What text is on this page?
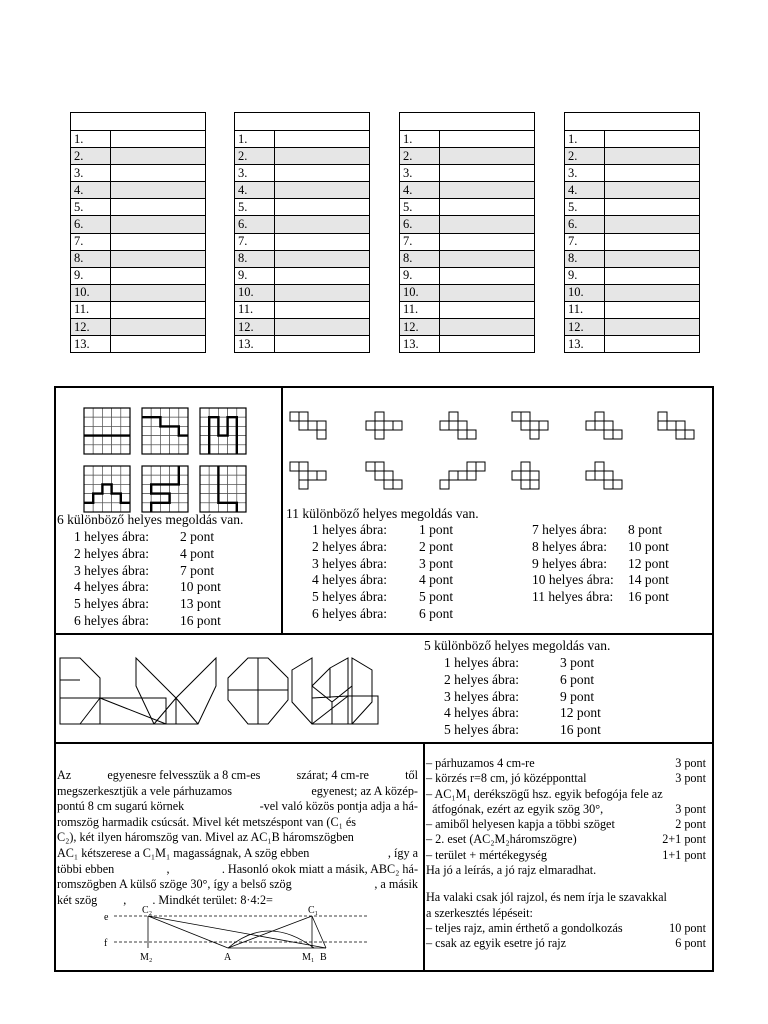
1.	
2.	
3.	
4.	
5.	
6.	
7.	
8.	
9.	
10.	
11.	
12.	
13.	

1.	
2.	
3.	
4.	
5.	
6.	
7.	
8.	
9.	
10.	
11.	
12.	
13.	

1.	
2.	
3.	
4.	
5.	
6.	
7.	
8.	
9.	
10.	
11.	
12.	
13.	

1.	
2.	
3.	
4.	
5.	
6.	
7.	
8.	
9.	
10.	
11.	
12.	
13.	
6 különböző helyes megoldás van.
1 helyes ábra:	2 pont
2 helyes ábra:	4 pont
3 helyes ábra:	7 pont
4 helyes ábra:	10 pont
5 helyes ábra:	13 pont
6 helyes ábra:	16 pont
11 különböző helyes megoldás van.
1 helyes ábra:	1 pont
2 helyes ábra:	2 pont
3 helyes ábra:	3 pont
4 helyes ábra:	4 pont
5 helyes ábra:	5 pont
6 helyes ábra:	6 pont
7 helyes ábra:	8 pont
8 helyes ábra:	10 pont
9 helyes ábra:	12 pont
10 helyes ábra:	14 pont
11 helyes ábra:	16 pont
5 különböző helyes megoldás van.
1 helyes ábra:	3 pont
2 helyes ábra:	6 pont
3 helyes ábra:	9 pont
4 helyes ábra:	12 pont
5 helyes ábra:	16 pont
Az	egyenesre felvesszük a 8 cm-es	szárat; 4 cm-re	től
megszerkesztjük a vele párhuzamos	egyenest; az A közép-
pontú 8 cm sugarú körnek	-vel való közös pontja adja a há-
romszög harmadik csúcsát. Mivel két metszéspont van (C₁ és
C₂), két ilyen háromszög van. Mivel az AC₁B háromszögben
AC₁ kétszerese a C₁M₁ magasságnak, A szög ebben	, így a
többi ebben	,	. Hasonló okok miatt a másik, ABC₂ há-
romszögben A külső szöge 30°, így a belső szög	, a másik
két szög , . Mindkét terület: 8·4:2=
C₂	C₁
e
f
M₂	A	M₁ B
– párhuzamos 4 cm-re	3 pont
– körzés r=8 cm, jó középponttal	3 pont
– AC₁M₁ derékszögű hsz. egyik befogója fele az
átfogónak, ezért az egyik szög 30°,	3 pont
– amiből helyesen kapja a többi szöget	2 pont
– 2. eset (AC₂M₂háromszögre)	2+1 pont
– terület + mértékegység	1+1 pont
Ha jó a leírás, a jó rajz elmaradhat.
Ha valaki csak jól rajzol, és nem írja le szavakkal
a szerkesztés lépéseit:
– teljes rajz, amin érthető a gondolkozás	10 pont
– csak az egyik esetre jó rajz	6 pont
